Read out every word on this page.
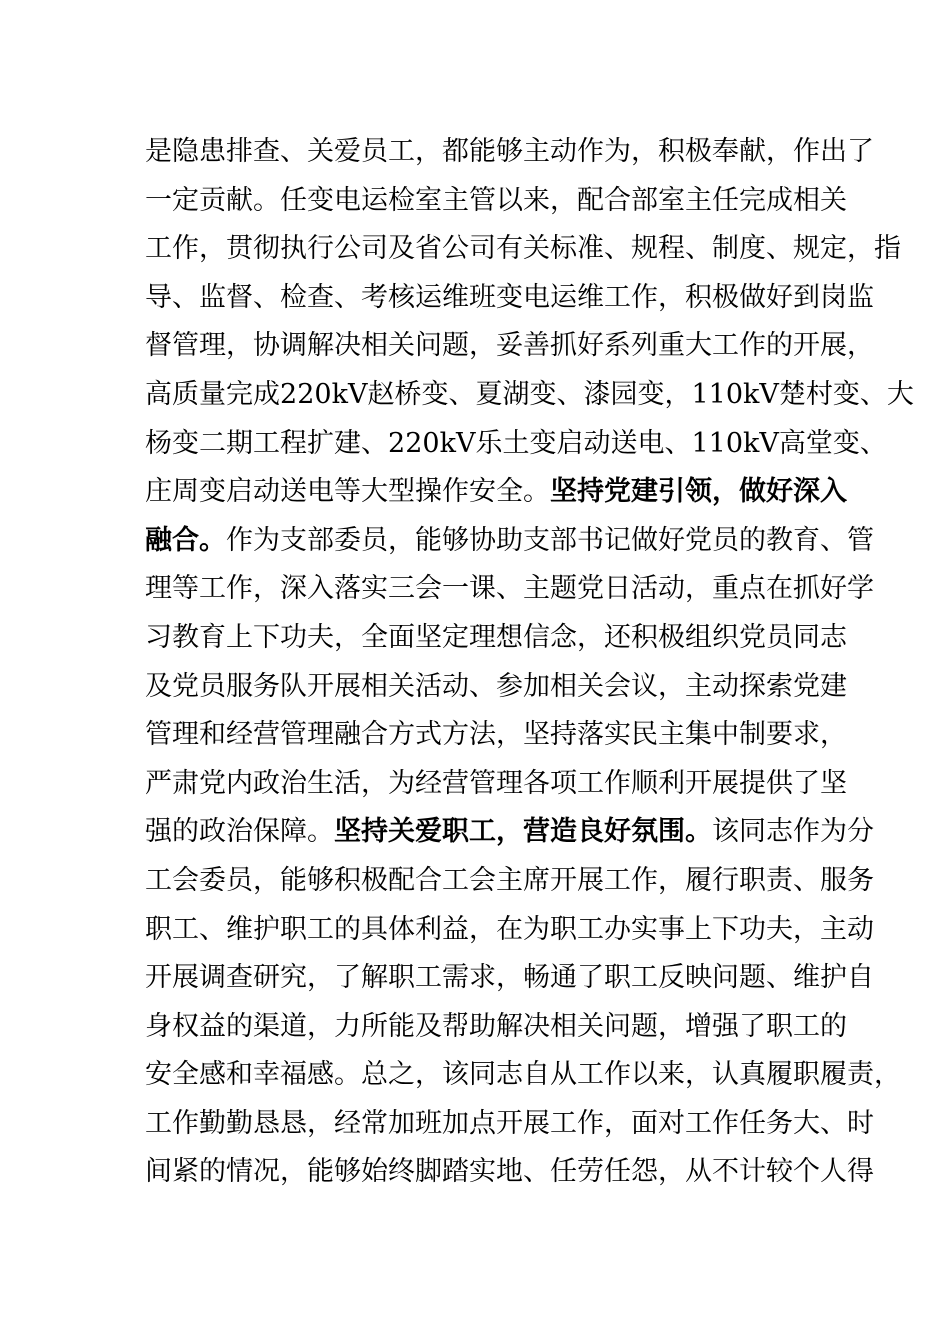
是 隐 患 排 查 、 关 爱 员 工 ， 都 能 够 主 动 作 为 ， 积 极 奉 献 ， 作 出 了
一 定 贡 献 。 任 变 电 运 检 室 主 管 以 来 ， 配 合 部 室 主 任 完 成 相 关
工 作 ， 贯 彻 执 行 公 司 及 省 公 司 有 关 标 准 、 规 程 、 制 度 、 规 定 ， 指
导 、 监 督 、 检 查 、 考 核 运 维 班 变 电 运 维 工 作 ， 积 极 做 好 到 岗 监
督 管 理 ， 协 调 解 决 相 关 问 题 ， 妥 善 抓 好 系 列 重 大 工 作 的 开 展 ，
高 质 量 完 成 2 2 0 k V 赵 桥 变 、 夏 湖 变 、 漆 园 变 ， 1 1 0 k V 楚 村 变 、 大
杨 变 二 期 工 程 扩 建 、 2 2 0 k V 乐 土 变 启 动 送 电 、 1 1 0 k V 高 堂 变 、
庄 周 变 启 动 送 电 等 大 型 操 作 安 全 。 坚 持 党 建 引 领 ， 做 好 深 入
融 合 。 作 为 支 部 委 员 ， 能 够 协 助 支 部 书 记 做 好 党 员 的 教 育 、 管
理 等 工 作 ， 深 入 落 实 三 会 一 课 、 主 题 党 日 活 动 ， 重 点 在 抓 好 学
习 教 育 上 下 功 夫 ， 全 面 坚 定 理 想 信 念 ， 还 积 极 组 织 党 员 同 志
及 党 员 服 务 队 开 展 相 关 活 动 、 参 加 相 关 会 议 ， 主 动 探 索 党 建
管 理 和 经 营 管 理 融 合 方 式 方 法 ， 坚 持 落 实 民 主 集 中 制 要 求 ，
严 肃 党 内 政 治 生 活 ， 为 经 营 管 理 各 项 工 作 顺 利 开 展 提 供 了 坚
强 的 政 治 保 障 。 坚 持 关 爱 职 工 ， 营 造 良 好 氛 围 。 该 同 志 作 为 分
工 会 委 员 ， 能 够 积 极 配 合 工 会 主 席 开 展 工 作 ， 履 行 职 责 、 服 务
职 工 、 维 护 职 工 的 具 体 利 益 ， 在 为 职 工 办 实 事 上 下 功 夫 ， 主 动
开 展 调 查 研 究 ， 了 解 职 工 需 求 ， 畅 通 了 职 工 反 映 问 题 、 维 护 自
身 权 益 的 渠 道 ， 力 所 能 及 帮 助 解 决 相 关 问 题 ， 增 强 了 职 工 的
安 全 感 和 幸 福 感 。 总 之 ， 该 同 志 自 从 工 作 以 来 ， 认 真 履 职 履 责 ，
工 作 勤 勤 恳 恳 ， 经 常 加 班 加 点 开 展 工 作 ， 面 对 工 作 任 务 大 、 时
间 紧 的 情 况 ， 能 够 始 终 脚 踏 实 地 、 任 劳 任 怨 ， 从 不 计 较 个 人 得
